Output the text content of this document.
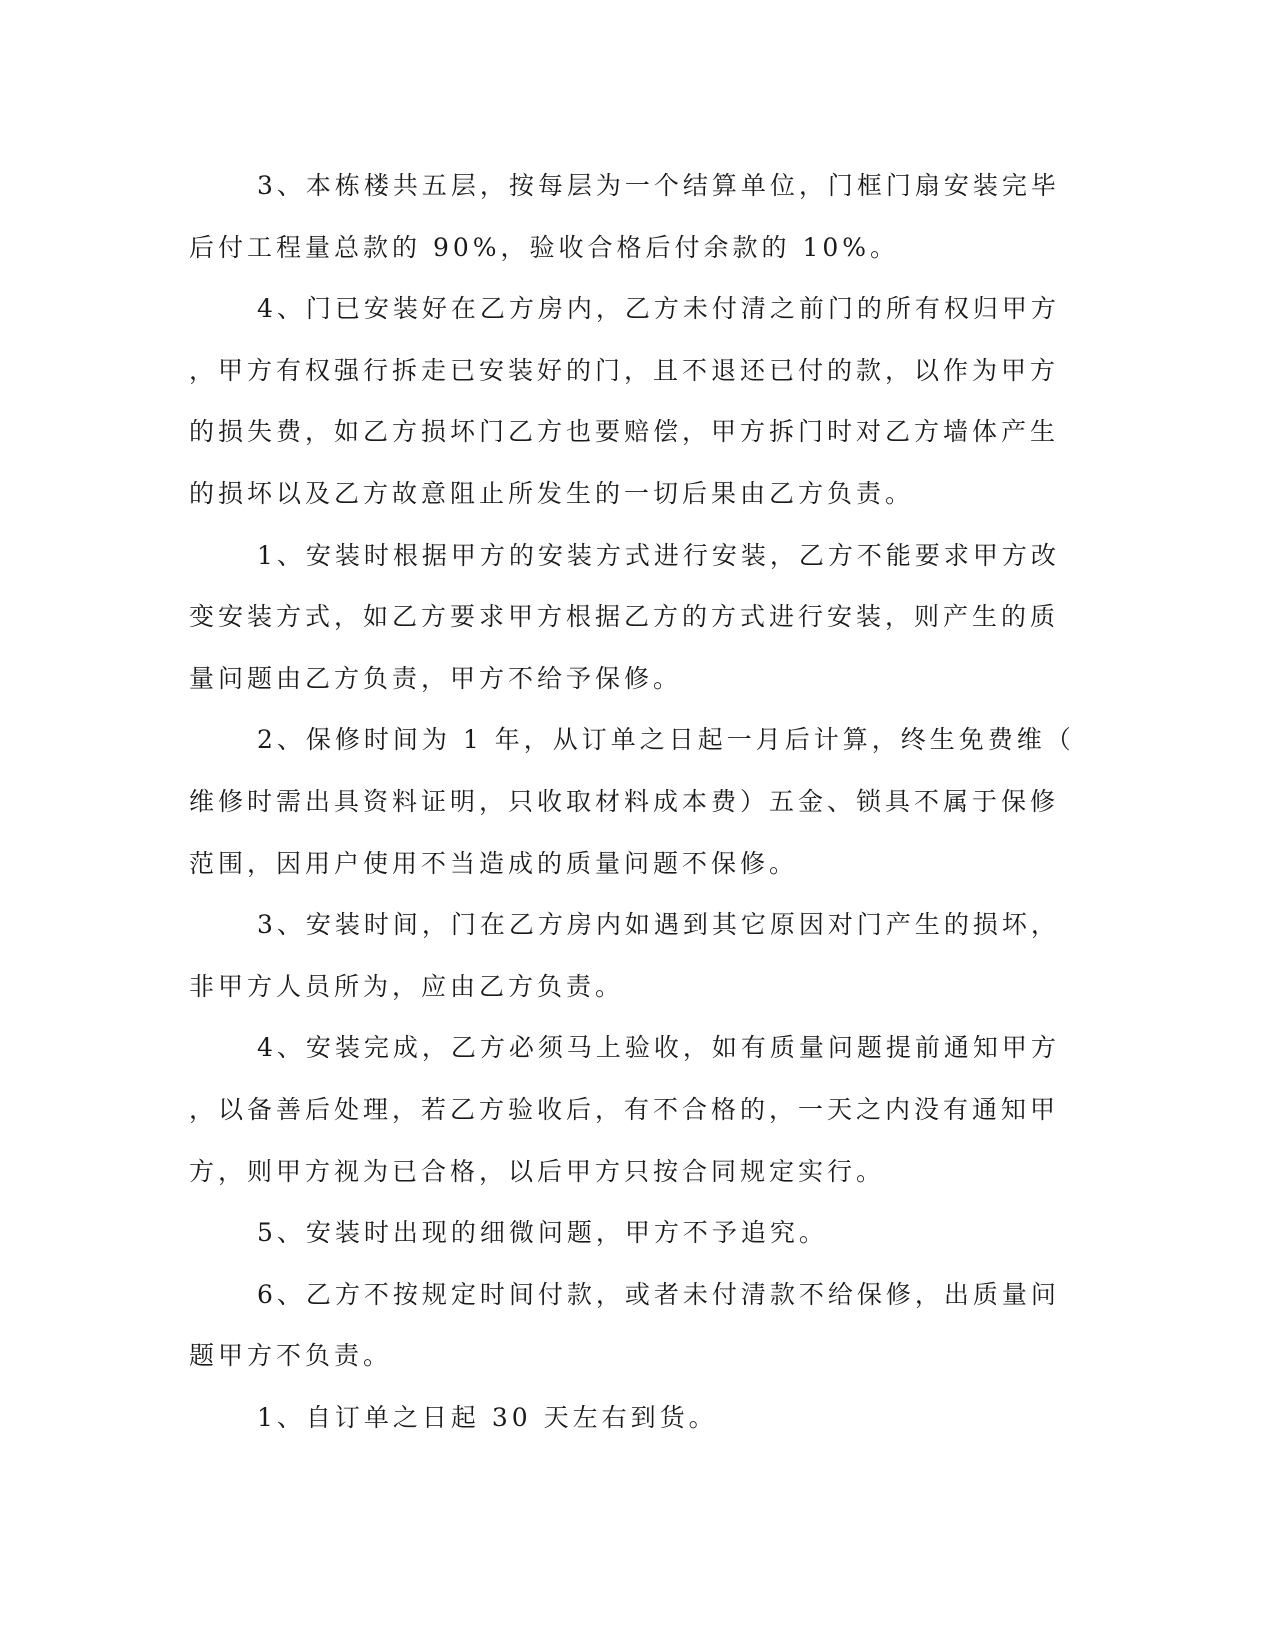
3、本栋楼共五层，按每层为一个结算单位，门框门扇安装完毕
后付工程量总款的 90%，验收合格后付余款的 10%。
4、门已安装好在乙方房内，乙方未付清之前门的所有权归甲方
，甲方有权强行拆走已安装好的门，且不退还已付的款，以作为甲方
的损失费，如乙方损坏门乙方也要赔偿，甲方拆门时对乙方墙体产生
的损坏以及乙方故意阻止所发生的一切后果由乙方负责。
1、安装时根据甲方的安装方式进行安装，乙方不能要求甲方改
变安装方式，如乙方要求甲方根据乙方的方式进行安装，则产生的质
量问题由乙方负责，甲方不给予保修。
2、保修时间为 1 年，从订单之日起一月后计算，终生免费维（
维修时需出具资料证明，只收取材料成本费）五金、锁具不属于保修
范围，因用户使用不当造成的质量问题不保修。
3、安装时间，门在乙方房内如遇到其它原因对门产生的损坏，
非甲方人员所为，应由乙方负责。
4、安装完成，乙方必须马上验收，如有质量问题提前通知甲方
，以备善后处理，若乙方验收后，有不合格的，一天之内没有通知甲
方，则甲方视为已合格，以后甲方只按合同规定实行。
5、安装时出现的细微问题，甲方不予追究。
6、乙方不按规定时间付款，或者未付清款不给保修，出质量问
题甲方不负责。
1、自订单之日起 30 天左右到货。
